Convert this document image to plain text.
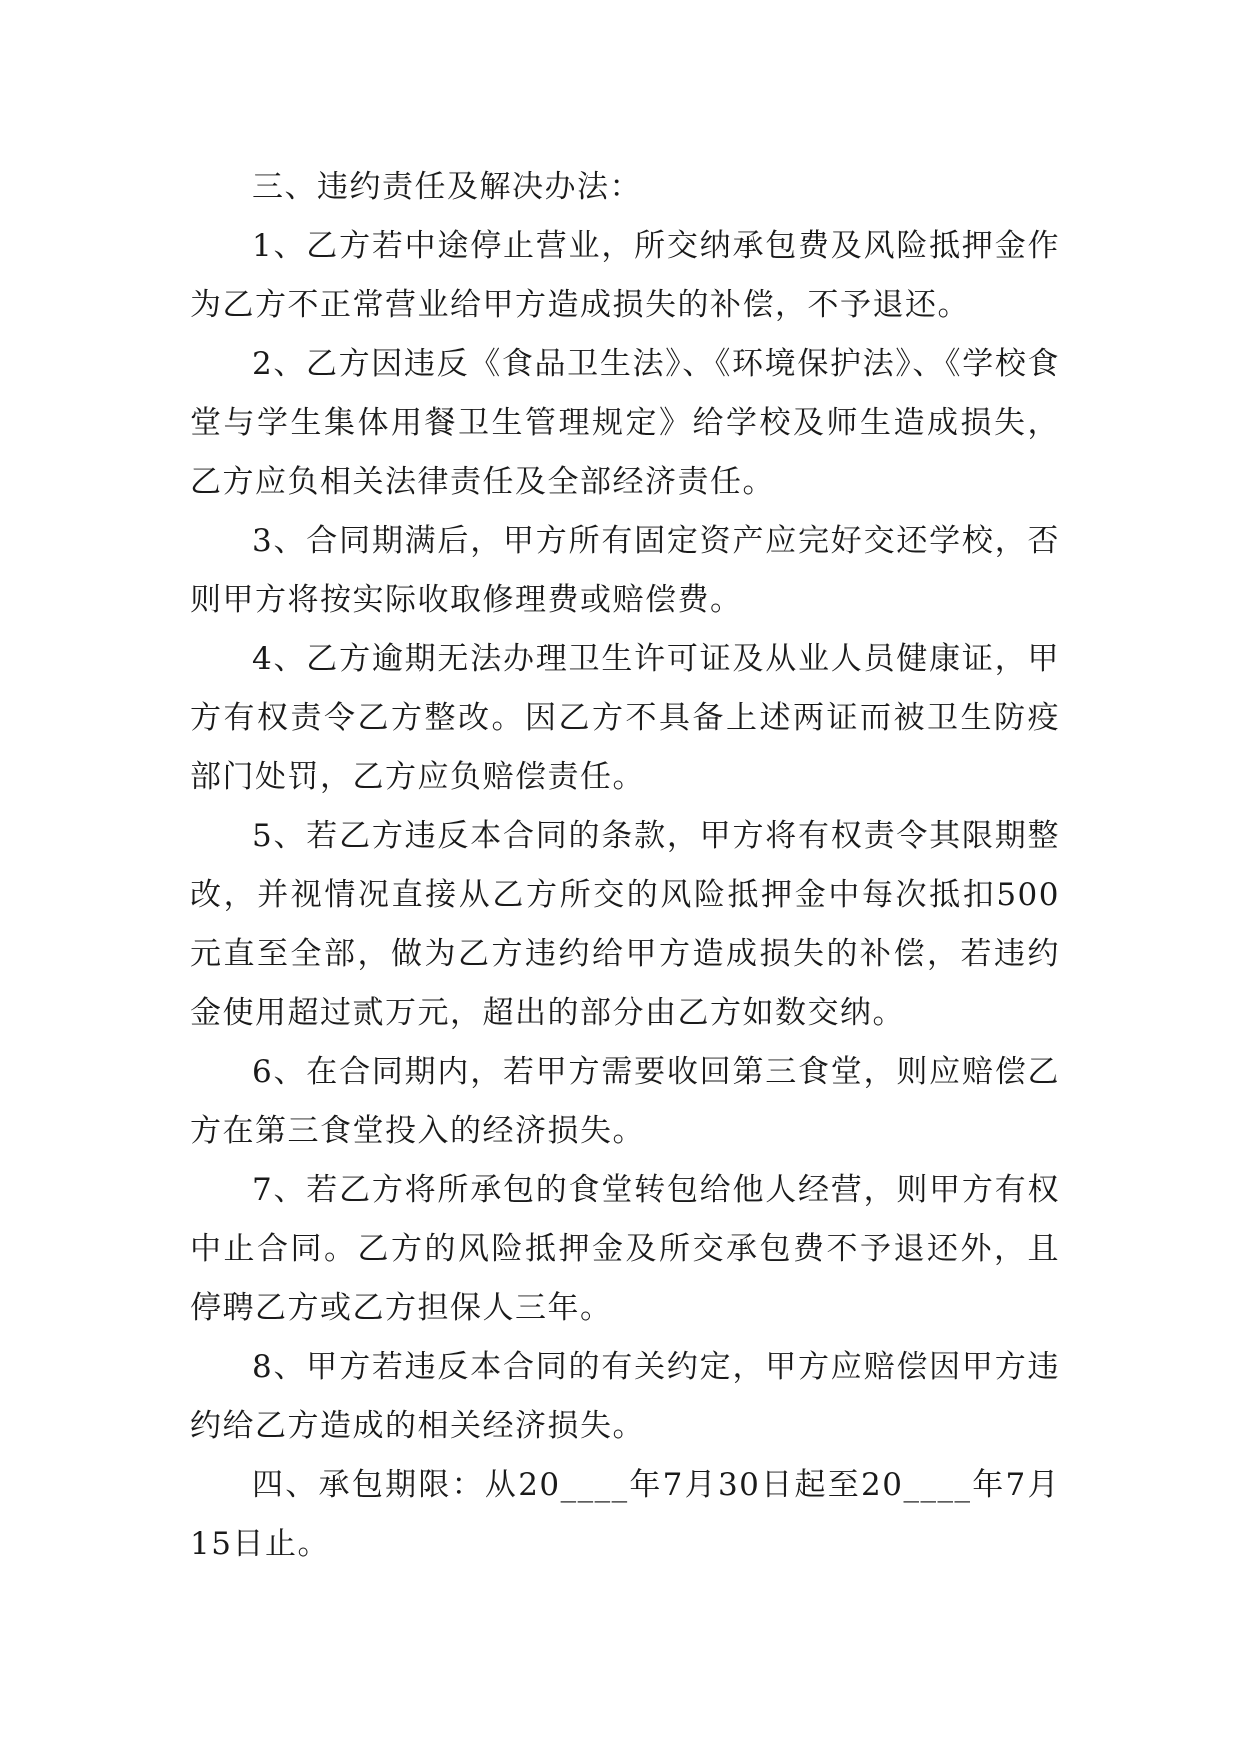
三、违约责任及解决办法：

1、乙方若中途停止营业，所交纳承包费及风险抵押金作为乙方不正常营业给甲方造成损失的补偿，不予退还。

2、乙方因违反《食品卫生法》、《环境保护法》、《学校食堂与学生集体用餐卫生管理规定》给学校及师生造成损失，乙方应负相关法律责任及全部经济责任。

3、合同期满后，甲方所有固定资产应完好交还学校，否则甲方将按实际收取修理费或赔偿费。

4、乙方逾期无法办理卫生许可证及从业人员健康证，甲方有权责令乙方整改。因乙方不具备上述两证而被卫生防疫部门处罚，乙方应负赔偿责任。

5、若乙方违反本合同的条款，甲方将有权责令其限期整改，并视情况直接从乙方所交的风险抵押金中每次抵扣500元直至全部，做为乙方违约给甲方造成损失的补偿，若违约金使用超过贰万元，超出的部分由乙方如数交纳。

6、在合同期内，若甲方需要收回第三食堂，则应赔偿乙方在第三食堂投入的经济损失。

7、若乙方将所承包的食堂转包给他人经营，则甲方有权中止合同。乙方的风险抵押金及所交承包费不予退还外，且停聘乙方或乙方担保人三年。

8、甲方若违反本合同的有关约定，甲方应赔偿因甲方违约给乙方造成的相关经济损失。

四、承包期限：从20____年7月30日起至20____年7月15日止。
